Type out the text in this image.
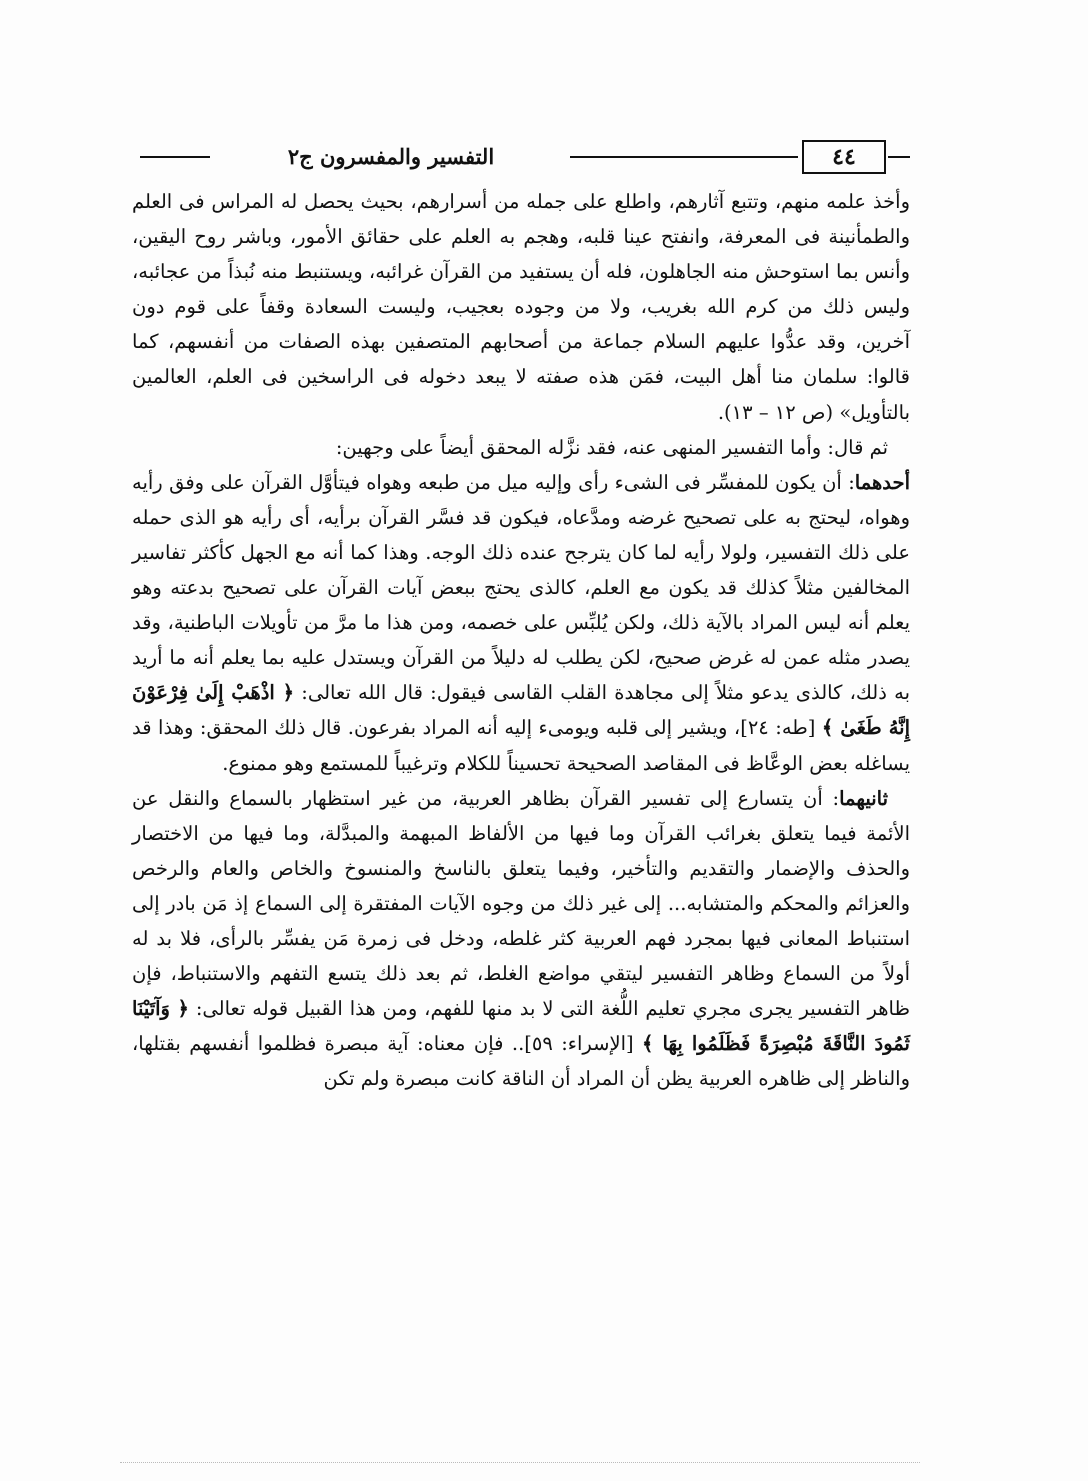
التفسير والمفسرون ج٢	٤٤

وأخذ علمه منهم، وتتبع آثارهم، واطلع على جمله من أسرارهم، بحيث يحصل له المراس فى العلم والطمأنينة فى المعرفة، وانفتح عينا قلبه، وهجم به العلم على حقائق الأمور، وباشر روح اليقين، وأنس بما استوحش منه الجاهلون، فله أن يستفيد من القرآن غرائبه، ويستنبط منه نُبذاً من عجائبه، وليس ذلك من كرم الله بغريب، ولا من وجوده بعجيب، وليست السعادة وقفاً على قوم دون آخرين، وقد عدُّوا عليهم السلام جماعة من أصحابهم المتصفين بهذه الصفات من أنفسهم، كما قالوا: سلمان منا أهل البيت، فمَن هذه صفته لا يبعد دخوله فى الراسخين فى العلم، العالمين بالتأويل» (ص ١٢ – ١٣).

ثم قال: وأما التفسير المنهى عنه، فقد نزَّله المحقق أيضاً على وجهين:

أحدهما: أن يكون للمفسِّر فى الشىء رأى وإليه ميل من طبعه وهواه فيتأوَّل القرآن على وفق رأيه وهواه، ليحتج به على تصحيح غرضه ومدَّعاه، فيكون قد فسَّر القرآن برأيه، أى رأيه هو الذى حمله على ذلك التفسير، ولولا رأيه لما كان يترجح عنده ذلك الوجه. وهذا كما أنه مع الجهل كأكثر تفاسير المخالفين مثلاً كذلك قد يكون مع العلم، كالذى يحتج ببعض آيات القرآن على تصحيح بدعته وهو يعلم أنه ليس المراد بالآية ذلك، ولكن يُلبِّس على خصمه، ومن هذا ما مرَّ من تأويلات الباطنية، وقد يصدر مثله عمن له غرض صحيح، لكن يطلب له دليلاً من القرآن ويستدل عليه بما يعلم أنه ما أريد به ذلك، كالذى يدعو مثلاً إلى مجاهدة القلب القاسى فيقول: قال الله تعالى: ﴿ اذْهَبْ إِلَىٰ فِرْعَوْنَ إِنَّهُ طَغَىٰ ﴾ [طه: ٢٤]، ويشير إلى قلبه ويومىء إليه أنه المراد بفرعون. قال ذلك المحقق: وهذا قد يساغله بعض الوعَّاظ فى المقاصد الصحيحة تحسيناً للكلام وترغيباً للمستمع وهو ممنوع.

ثانيهما: أن يتسارع إلى تفسير القرآن بظاهر العربية، من غير استظهار بالسماع والنقل عن الأئمة فيما يتعلق بغرائب القرآن وما فيها من الألفاظ المبهمة والمبدَّلة، وما فيها من الاختصار والحذف والإضمار والتقديم والتأخير، وفيما يتعلق بالناسخ والمنسوخ والخاص والعام والرخص والعزائم والمحكم والمتشابه... إلى غير ذلك من وجوه الآيات المفتقرة إلى السماع إذ مَن بادر إلى استنباط المعانى فيها بمجرد فهم العربية كثر غلطه، ودخل فى زمرة مَن يفسِّر بالرأى، فلا بد له أولاً من السماع وظاهر التفسير ليتقي مواضع الغلط، ثم بعد ذلك يتسع التفهم والاستنباط، فإن ظاهر التفسير يجرى مجري تعليم اللُّغة التى لا بد منها للفهم، ومن هذا القبيل قوله تعالى: ﴿ وَآتَيْنَا ثَمُودَ النَّاقَةَ مُبْصِرَةً فَظَلَمُوا بِهَا ﴾ [الإسراء: ٥٩].. فإن معناه: آية مبصرة فظلموا أنفسهم بقتلها، والناظر إلى ظاهره العربية يظن أن المراد أن الناقة كانت مبصرة ولم تكن
